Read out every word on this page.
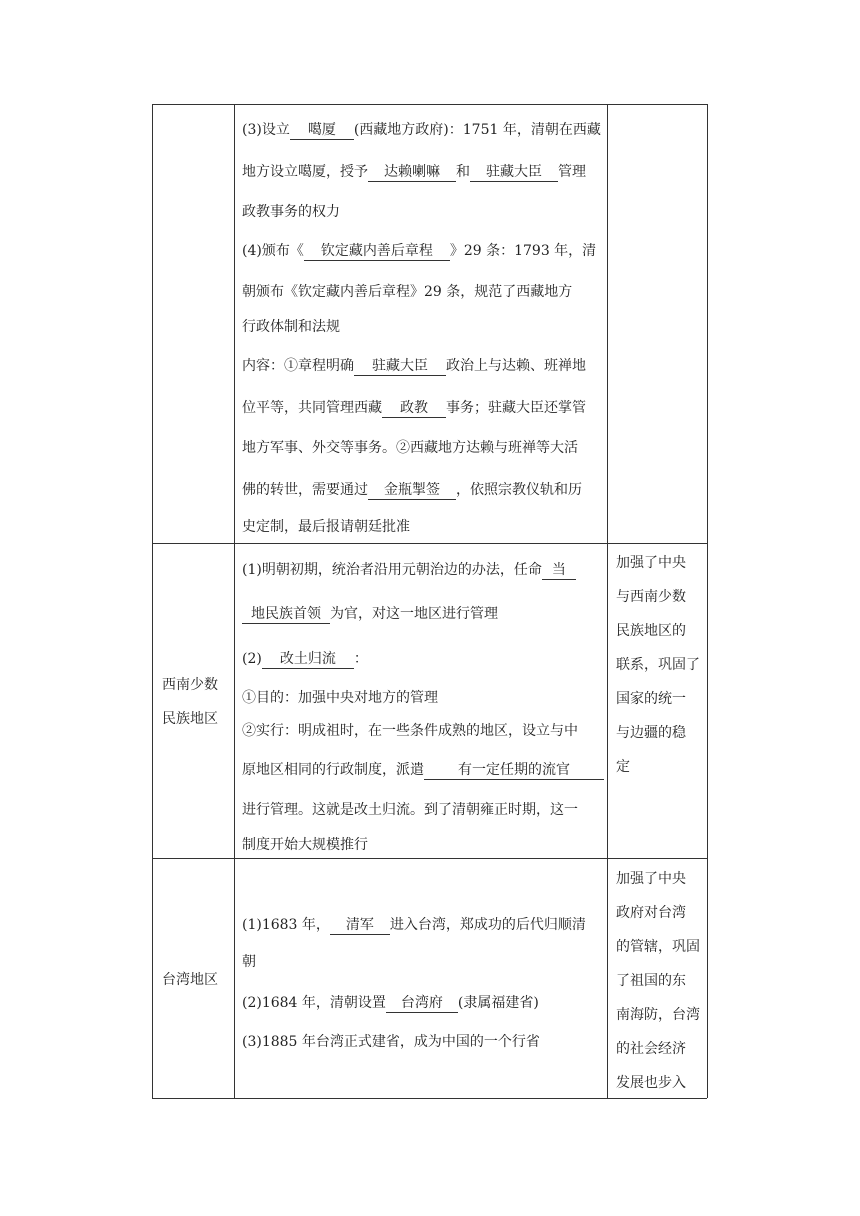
(3)设立 噶厦 (西藏地方政府)：1751 年，清朝在西藏
地方设立噶厦，授予 达赖喇嘛 和 驻藏大臣 管理
政教事务的权力
(4)颁布《 钦定藏内善后章程 》29 条：1793 年，清
朝颁布《钦定藏内善后章程》29 条，规范了西藏地方
行政体制和法规
内容：①章程明确 驻藏大臣 政治上与达赖、班禅地
位平等，共同管理西藏 政教 事务；驻藏大臣还掌管
地方军事、外交等事务。②西藏地方达赖与班禅等大活
佛的转世，需要通过 金瓶掣签 ，依照宗教仪轨和历
史定制，最后报请朝廷批准
西南少数
民族地区
(1)明朝初期，统治者沿用元朝治边的办法，任命 当
地民族首领 为官，对这一地区进行管理
(2) 改土归流 ：
①目的：加强中央对地方的管理
②实行：明成祖时，在一些条件成熟的地区，设立与中
原地区相同的行政制度，派遣 有一定任期的流官
进行管理。这就是改土归流。到了清朝雍正时期，这一
制度开始大规模推行
加强了中央
与西南少数
民族地区的
联系，巩固了
国家的统一
与边疆的稳
定
台湾地区
(1)1683 年， 清军 进入台湾，郑成功的后代归顺清
朝
(2)1684 年，清朝设置 台湾府 (隶属福建省)
(3)1885 年台湾正式建省，成为中国的一个行省
加强了中央
政府对台湾
的管辖，巩固
了祖国的东
南海防，台湾
的社会经济
发展也步入
